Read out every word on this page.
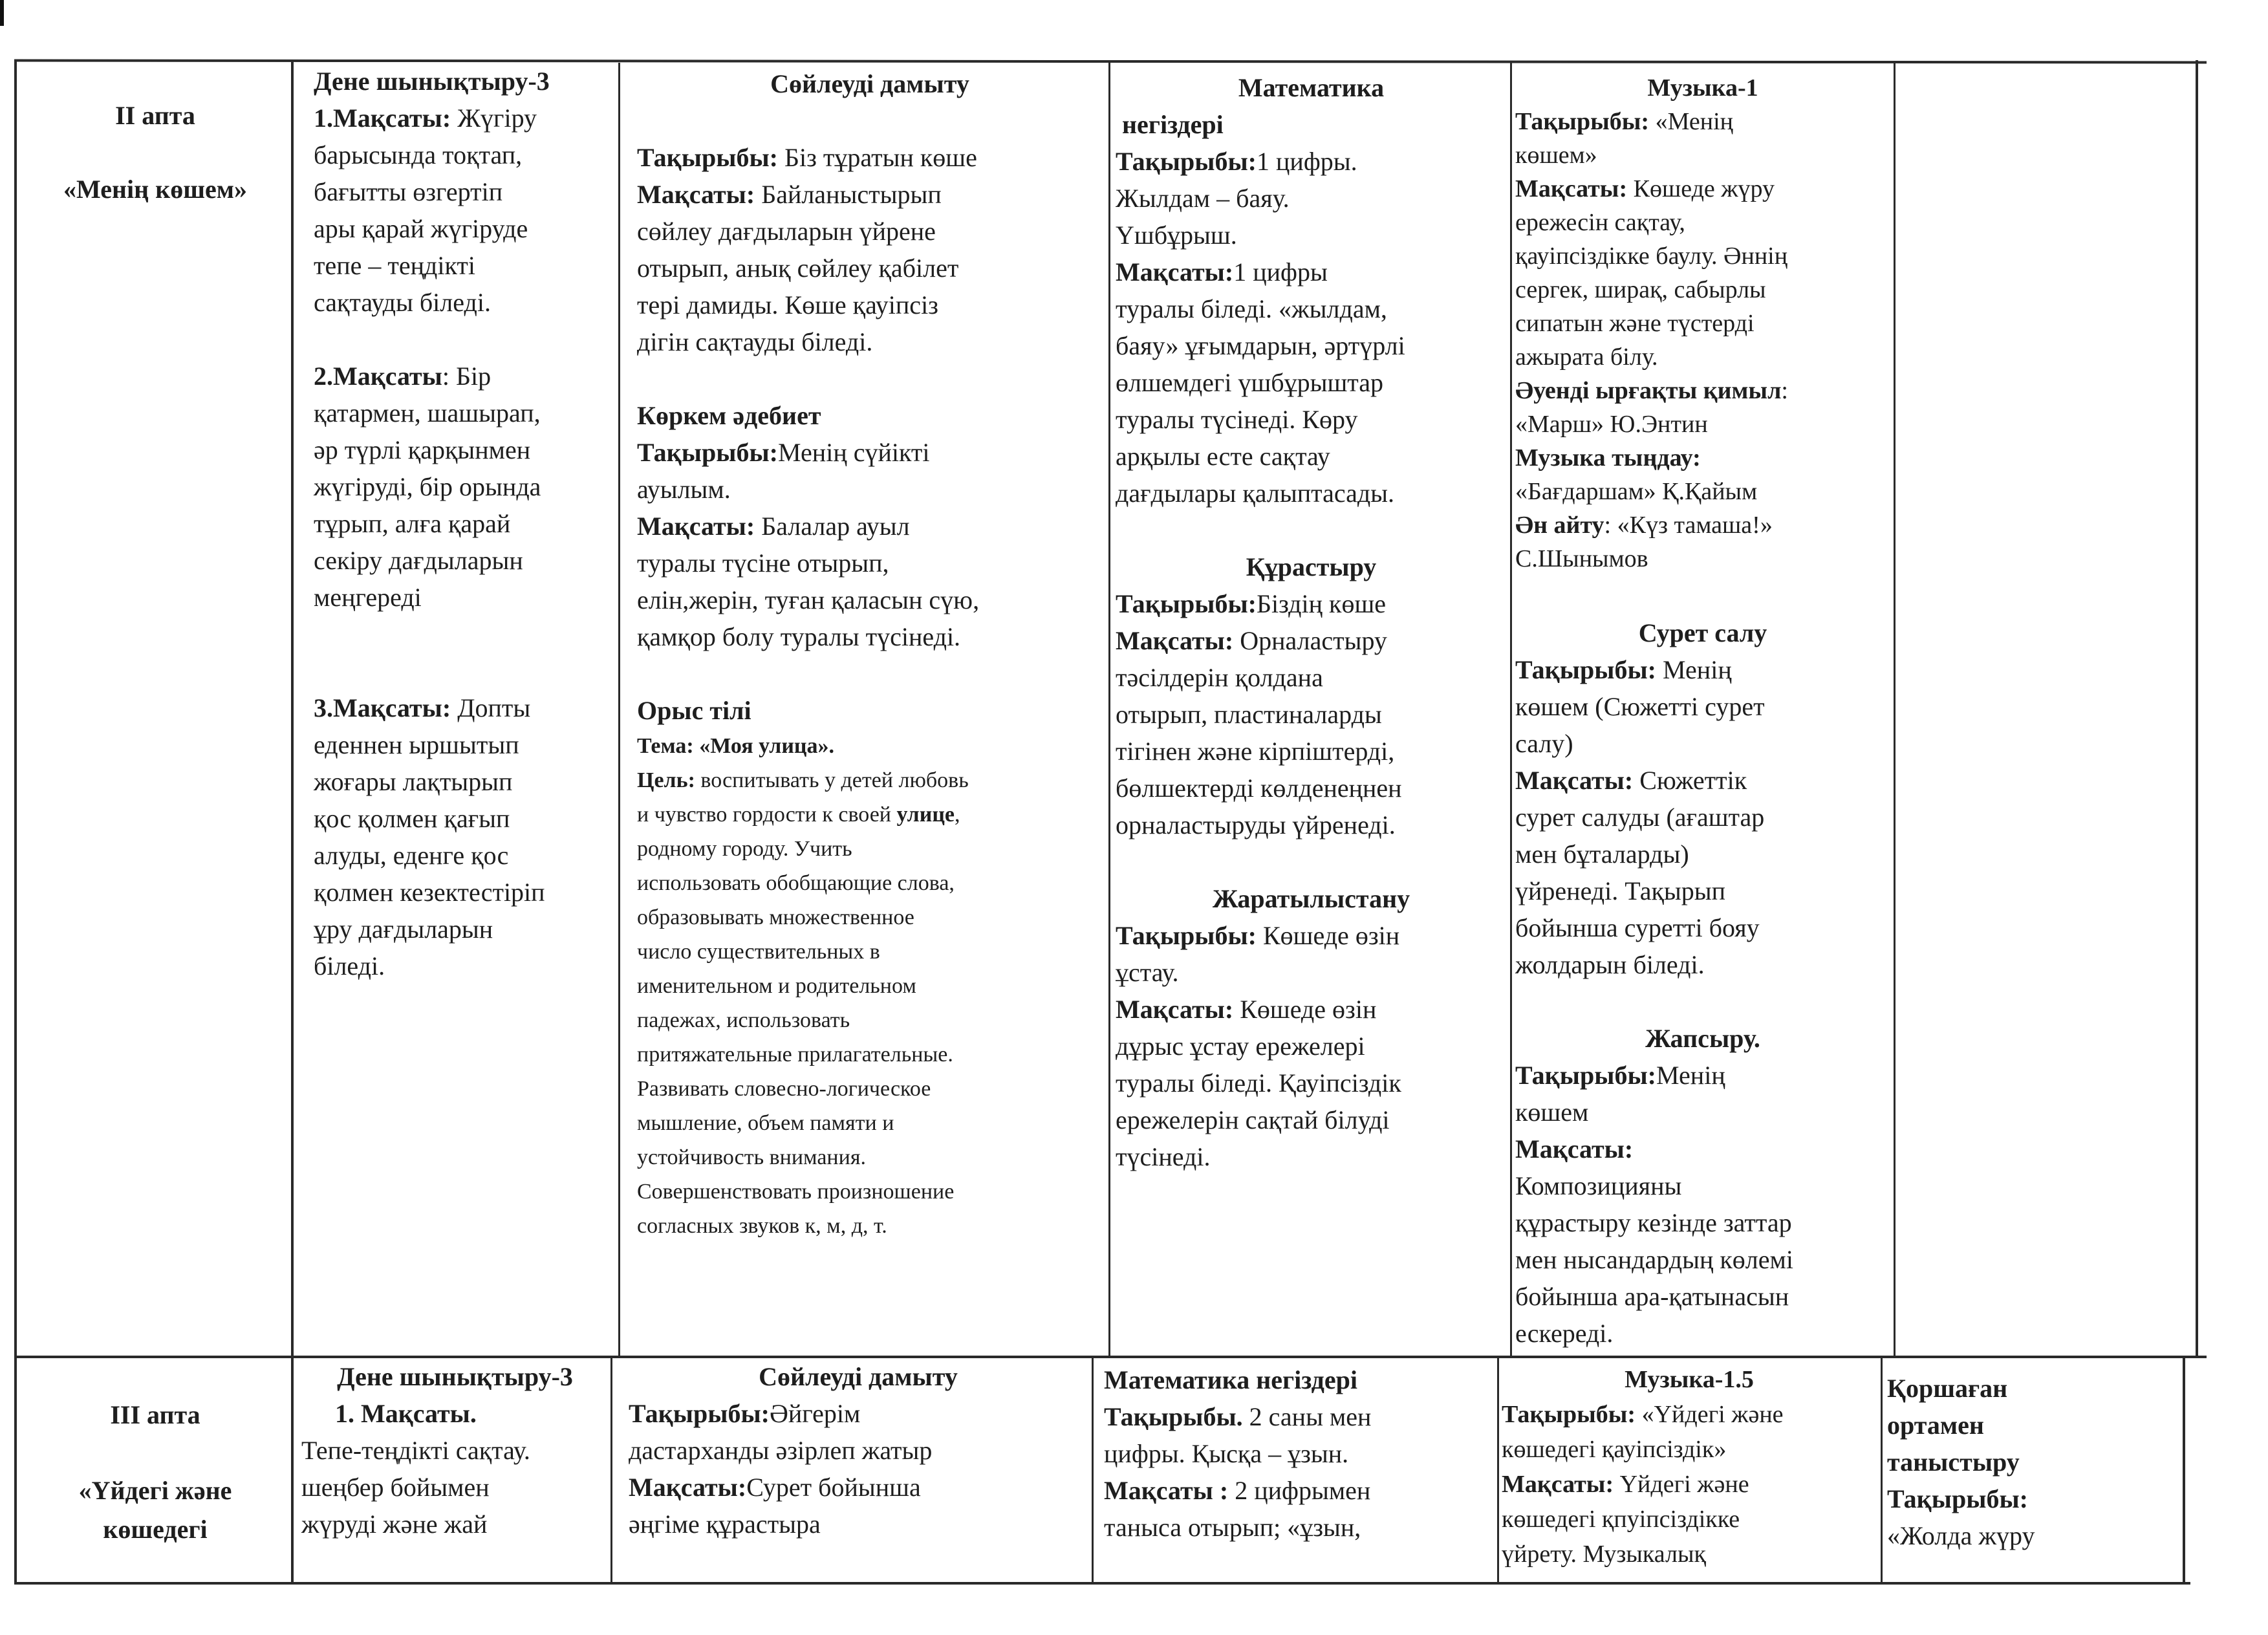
II апта

«Менің көшем»

Дене шынықтыру-3

1.Мақсаты: Жүгіру

барысында тоқтап,

бағытты өзгертіп

ары қарай жүгіруде

тепе – теңдікті

сақтауды біледі.

2.Мақсаты: Бір

қатармен, шашырап,

әр түрлі қарқынмен

жүгіруді, бір орында

тұрып, алға қарай

секіру дағдыларын

меңгереді

3.Мақсаты: Допты

еденнен ыршытып

жоғары лақтырып

қос қолмен қағып

алуды, еденге қос

қолмен кезектестіріп

ұру дағдыларын

біледі.

Сөйлеуді дамыту

Тақырыбы: Біз тұратын көше

Мақсаты: Байланыстырып

сөйлеу дағдыларын үйрене

отырып, анық сөйлеу қабілет

тері дамиды. Көше қауіпсіз

дігін сақтауды біледі.

Көркем әдебиет

Тақырыбы:Менің сүйікті

ауылым.

Мақсаты: Балалар ауыл

туралы түсіне отырып,

елін,жерін, туған қаласын сүю,

қамқор болу туралы түсінеді.

Орыс тілі

Тема: «Моя улица».

Цель: воспитывать у детей любовь

и чувство гордости к своей улице,

родному городу. Учить

использовать обобщающие слова,

образовывать множественное

число существительных в

именительном и родительном

падежах, использовать

притяжательные прилагательные.

Развивать словесно-логическое

мышление, объем памяти и

устойчивость внимания.

Совершенствовать произношение

согласных звуков к, м, д, т.

Математика

негіздері

Тақырыбы:1 цифры.

Жылдам – баяу.

Үшбұрыш.

Мақсаты:1 цифры

туралы біледі. «жылдам,

баяу» ұғымдарын, әртүрлі

өлшемдегі үшбұрыштар

туралы түсінеді. Көру

арқылы есте сақтау

дағдылары қалыптасады.

Құрастыру

Тақырыбы:Біздің көше

Мақсаты: Орналастыру

тәсілдерін қолдана

отырып, пластиналарды

тігінен және кірпіштерді,

бөлшектерді көлденеңнен

орналастыруды үйренеді.

Жаратылыстану

Тақырыбы: Көшеде өзін

ұстау.

Мақсаты: Көшеде өзін

дұрыс ұстау ережелері

туралы біледі. Қауіпсіздік

ережелерін сақтай білуді

түсінеді.

Музыка-1

Тақырыбы: «Менің

көшем»

Мақсаты: Көшеде жүру

ережесін сақтау,

қауіпсіздікке баулу. Әннің

сергек, ширақ, сабырлы

сипатын және түстерді

ажырата білу.

Әуенді ырғақты қимыл:

«Марш» Ю.Энтин

Музыка тыңдау:

«Бағдаршам» Қ.Қайым

Ән айту: «Күз тамаша!»

С.Шынымов

Сурет салу

Тақырыбы: Менің

көшем (Сюжетті сурет

салу)

Мақсаты: Сюжеттік

сурет салуды (ағаштар

мен бұталарды)

үйренеді. Тақырып

бойынша суретті бояу

жолдарын біледі.

Жапсыру.

Тақырыбы:Менің

көшем

Мақсаты:

Композицияны

құрастыру кезінде заттар

мен нысандардың көлемі

бойынша ара-қатынасын

ескереді.

III апта

«Үйдегі және

көшедегі

Дене шынықтыру-3

1. Мақсаты.

Тепе-теңдікті сақтау.

шеңбер бойымен

жүруді және жай

Сөйлеуді дамыту

Тақырыбы:Әйгерім

дастарханды әзірлеп жатыр

Мақсаты:Сурет бойынша

әңгіме құрастыра

Математика негіздері

Тақырыбы. 2 саны мен

цифры. Қысқа – ұзын.

Мақсаты : 2 цифрымен

таныса отырып; «ұзын,

Музыка-1.5

Тақырыбы: «Үйдегі және

көшедегі қауіпсіздік»

Мақсаты: Үйдегі және

көшедегі қпуіпсіздікке

үйрету. Музыкалық

Қоршаған

ортамен

таныстыру

Тақырыбы:

«Жолда жүру
